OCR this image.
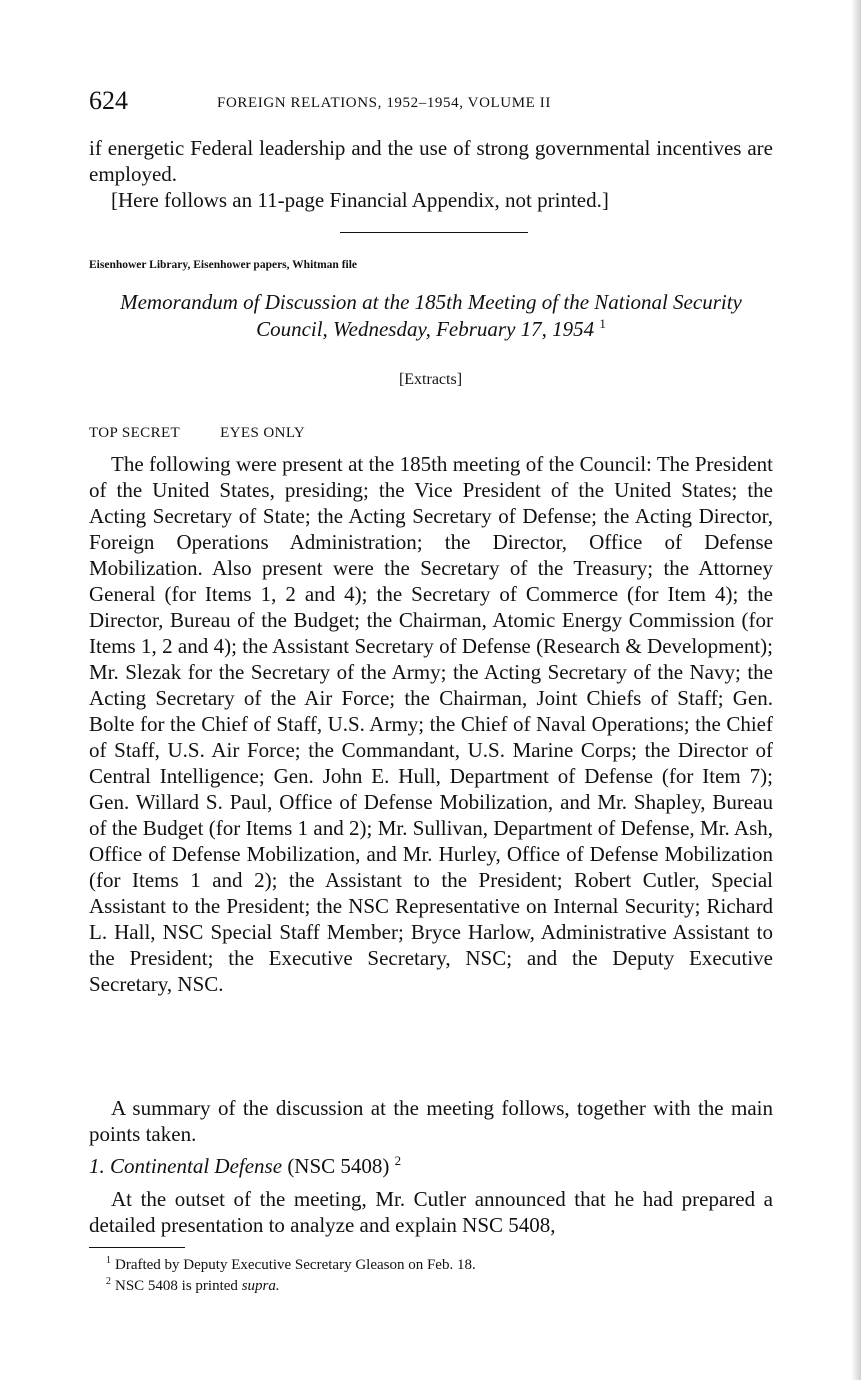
624	FOREIGN RELATIONS, 1952–1954, VOLUME II

if energetic Federal leadership and the use of strong governmental incentives are employed.

[Here follows an 11-page Financial Appendix, not printed.]

Eisenhower Library, Eisenhower papers, Whitman file

Memorandum of Discussion at the 185th Meeting of the National Security Council, Wednesday, February 17, 1954 $^1$

[Extracts]
TOP SECRET	EYES ONLY

The following were present at the 185th meeting of the Council: The President of the United States, presiding; the Vice President of the United States; the Acting Secretary of State; the Acting Secretary of Defense; the Acting Director, Foreign Operations Administration; the Director, Office of Defense Mobilization. Also present were the Secretary of the Treasury; the Attorney General (for Items 1, 2 and 4); the Secretary of Commerce (for Item 4); the Director, Bureau of the Budget; the Chairman, Atomic Energy Commission (for Items 1, 2 and 4); the Assistant Secretary of Defense (Research & Development); Mr. Slezak for the Secretary of the Army; the Acting Secretary of the Navy; the Acting Secretary of the Air Force; the Chairman, Joint Chiefs of Staff; Gen. Bolte for the Chief of Staff, U.S. Army; the Chief of Naval Operations; the Chief of Staff, U.S. Air Force; the Commandant, U.S. Marine Corps; the Director of Central Intelligence; Gen. John E. Hull, Department of Defense (for Item 7); Gen. Willard S. Paul, Office of Defense Mobilization, and Mr. Shapley, Bureau of the Budget (for Items 1 and 2); Mr. Sullivan, Department of Defense, Mr. Ash, Office of Defense Mobilization, and Mr. Hurley, Office of Defense Mobilization (for Items 1 and 2); the Assistant to the President; Robert Cutler, Special Assistant to the President; the NSC Representative on Internal Security; Richard L. Hall, NSC Special Staff Member; Bryce Harlow, Administrative Assistant to the President; the Executive Secretary, NSC; and the Deputy Executive Secretary, NSC.

A summary of the discussion at the meeting follows, together with the main points taken.

1. Continental Defense (NSC 5408) $^2$

At the outset of the meeting, Mr. Cutler announced that he had prepared a detailed presentation to analyze and explain NSC 5408,

$^1$ Drafted by Deputy Executive Secretary Gleason on Feb. 18.
$^2$ NSC 5408 is printed supra.
